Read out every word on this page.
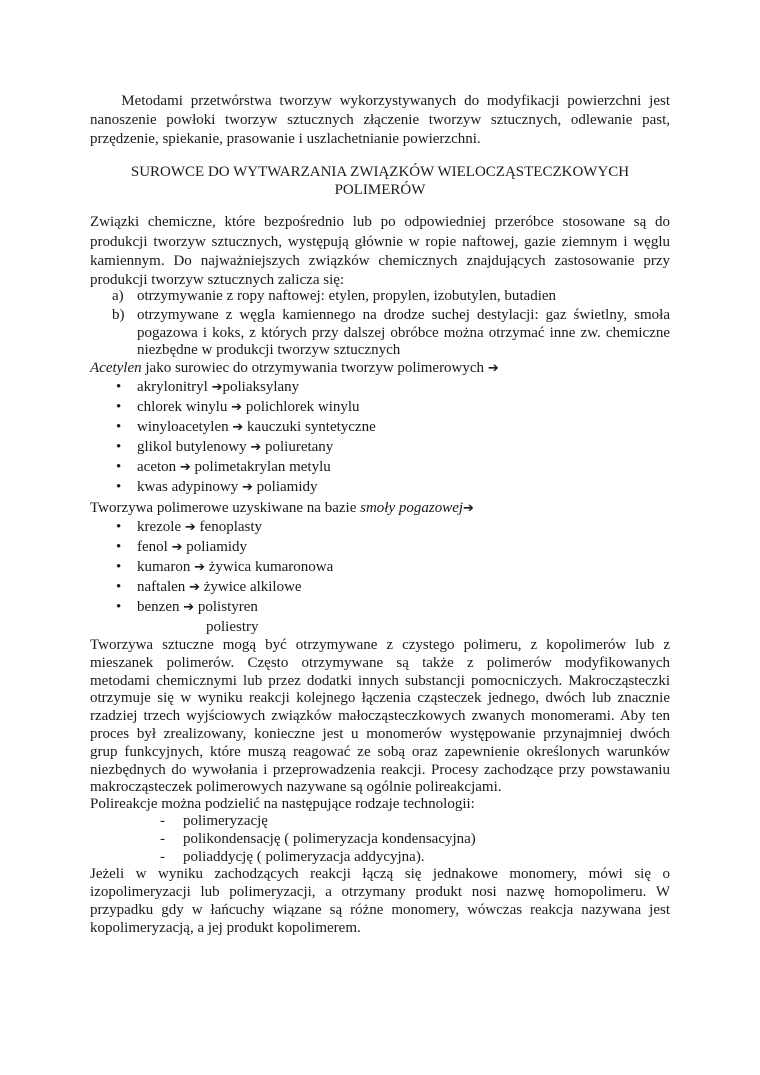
Metodami przetwórstwa tworzyw wykorzystywanych do modyfikacji powierzchni jest
nanoszenie powłoki tworzyw sztucznych złączenie tworzyw sztucznych, odlewanie past,
przędzenie, spiekanie, prasowanie i uszlachetnianie powierzchni.
SUROWCE DO WYTWARZANIA ZWIĄZKÓW WIELOCZĄSTECZKOWYCH
POLIMERÓW
Związki chemiczne, które bezpośrednio lub po odpowiedniej przeróbce stosowane są do
produkcji tworzyw sztucznych, występują głównie w ropie naftowej, gazie ziemnym i węglu
kamiennym. Do najważniejszych związków chemicznych znajdujących zastosowanie przy
produkcji tworzyw sztucznych zalicza się:
a) otrzymywanie z ropy naftowej: etylen, propylen, izobutylen, butadien
b) otrzymywane z węgla kamiennego na drodze suchej destylacji: gaz świetlny, smoła
pogazowa i koks, z których przy dalszej obróbce można otrzymać inne zw. chemiczne
niezbędne w produkcji tworzyw sztucznych
Acetylen jako surowiec do otrzymywania tworzyw polimerowych ➔
• akrylonitryl ➔poliaksylany
• chlorek winylu ➔ polichlorek winylu
• winyloacetylen ➔ kauczuki syntetyczne
• glikol butylenowy ➔ poliuretany
• aceton ➔ polimetakrylan metylu
• kwas adypinowy ➔ poliamidy
Tworzywa polimerowe uzyskiwane na bazie smoły pogazowej➔
• krezole ➔ fenoplasty
• fenol ➔ poliamidy
• kumaron ➔ żywica kumaronowa
• naftalen ➔ żywice alkilowe
• benzen ➔ polistyren
poliestry
Tworzywa sztuczne mogą być otrzymywane z czystego polimeru, z kopolimerów lub z
mieszanek polimerów. Często otrzymywane są także z polimerów modyfikowanych
metodami chemicznymi lub przez dodatki innych substancji pomocniczych. Makrocząsteczki
otrzymuje się w wyniku reakcji kolejnego łączenia cząsteczek jednego, dwóch lub znacznie
rzadziej trzech wyjściowych związków małocząsteczkowych zwanych monomerami. Aby ten
proces był zrealizowany, konieczne jest u monomerów występowanie przynajmniej dwóch
grup funkcyjnych, które muszą reagować ze sobą oraz zapewnienie określonych warunków
niezbędnych do wywołania i przeprowadzenia reakcji. Procesy zachodzące przy powstawaniu
makrocząsteczek polimerowych nazywane są ogólnie polireakcjami.
Polireakcje można podzielić na następujące rodzaje technologii:
- polimeryzację
- polikondensację ( polimeryzacja kondensacyjna)
- poliaddycję ( polimeryzacja addycyjna).
Jeżeli w wyniku zachodzących reakcji łączą się jednakowe monomery, mówi się o
izopolimeryzacji lub polimeryzacji, a otrzymany produkt nosi nazwę homopolimeru. W
przypadku gdy w łańcuchy wiązane są różne monomery, wówczas reakcja nazywana jest
kopolimeryzacją, a jej produkt kopolimerem.
